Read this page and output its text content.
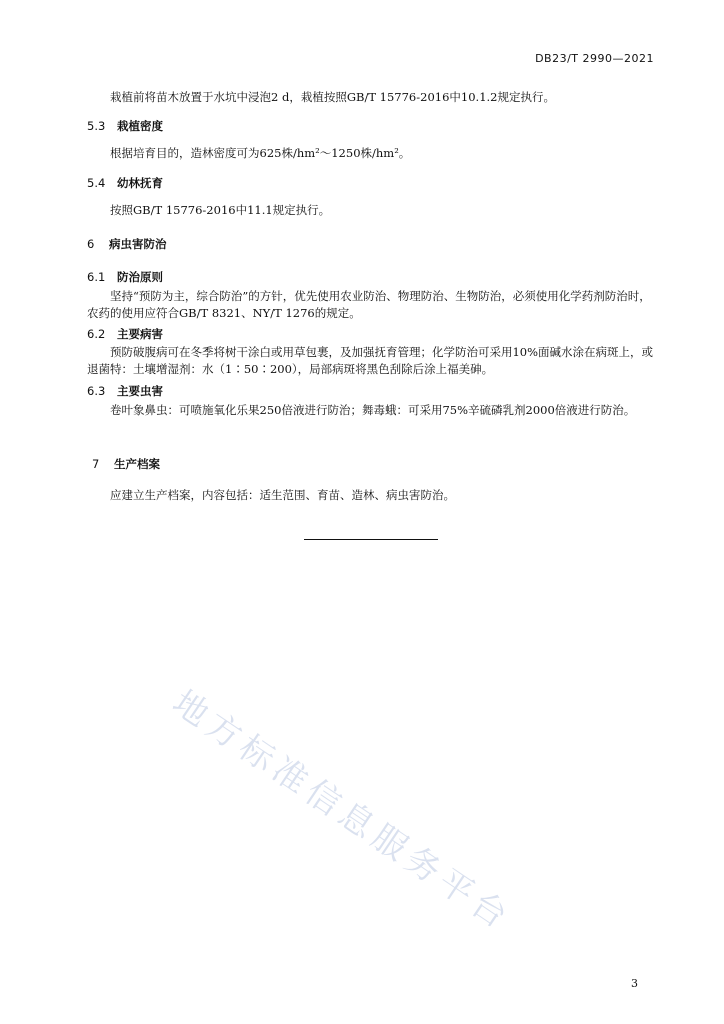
DB23/T 2990—2021
栽植前将苗木放置于水坑中浸泡2 d，栽植按照GB/T 15776-2016中10.1.2规定执行。
5.3 栽植密度
根据培育目的，造林密度可为625株/hm²～1250株/hm²。
5.4 幼林抚育
按照GB/T 15776-2016中11.1规定执行。
6 病虫害防治
6.1 防治原则
坚持“预防为主，综合防治”的方针，优先使用农业防治、物理防治、生物防治，必须使用化学药剂防治时，农药的使用应符合GB/T 8321、NY/T 1276的规定。
6.2 主要病害
预防破腹病可在冬季将树干涂白或用草包裹，及加强抚育管理；化学防治可采用10%面碱水涂在病斑上，或退菌特：土壤增湿剂：水（1∶50∶200），局部病斑将黑色刮除后涂上福美砷。
6.3 主要虫害
卷叶象鼻虫：可喷施氧化乐果250倍液进行防治；舞毒蛾：可采用75%辛硫磷乳剂2000倍液进行防治。
7 生产档案
应建立生产档案，内容包括：适生范围、育苗、造林、病虫害防治。
地方标准信息服务平台
3
